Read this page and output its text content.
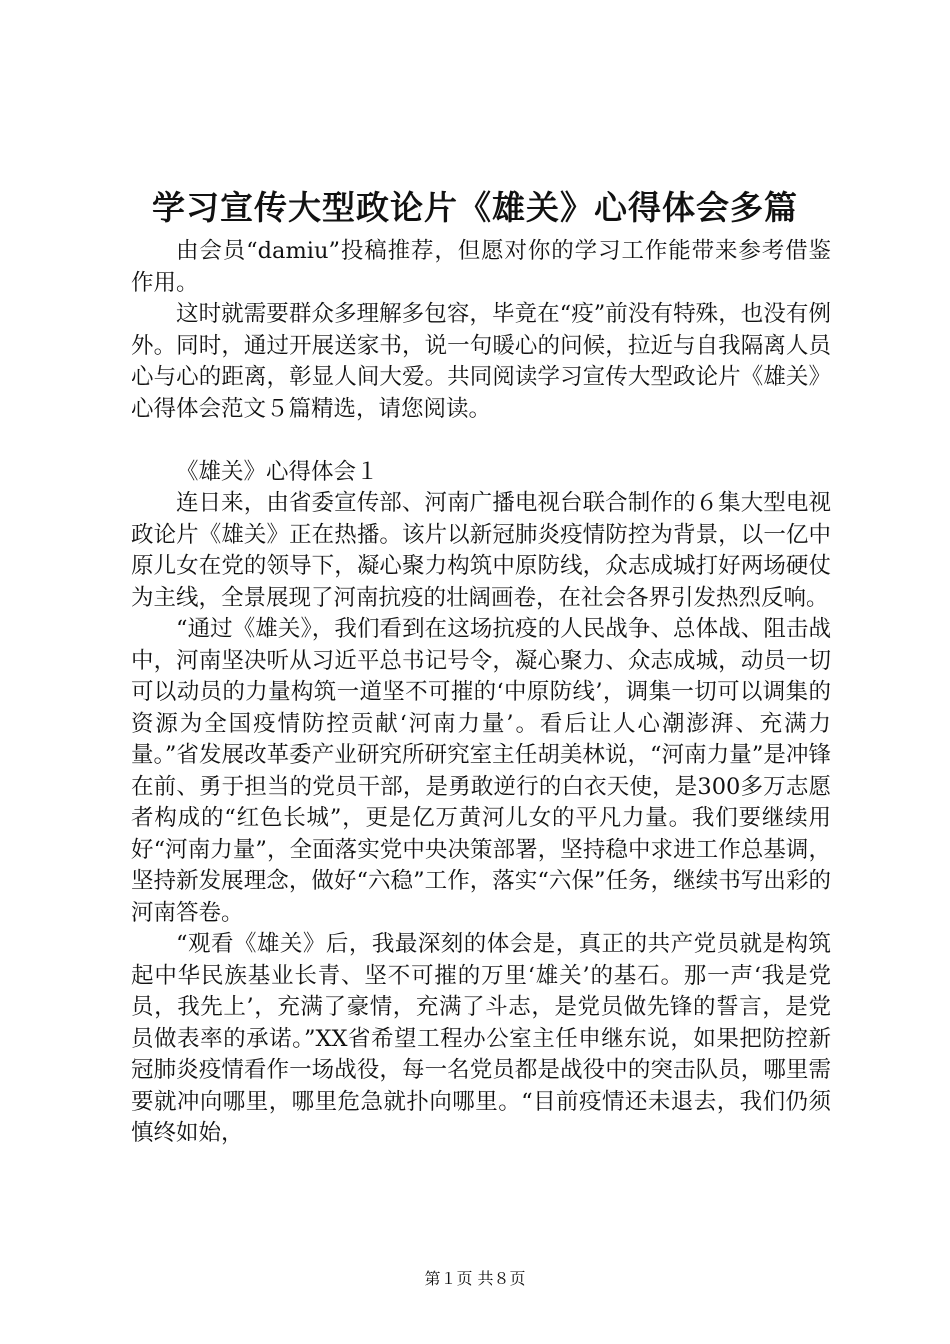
学习宣传大型政论片《雄关》心得体会多篇

由会员“damiu”投稿推荐，但愿对你的学习工作能带来参考借鉴作用。

这时就需要群众多理解多包容，毕竟在“疫”前没有特殊，也没有例外。同时，通过开展送家书，说一句暖心的问候，拉近与自我隔离人员心与心的距离，彰显人间大爱。共同阅读学习宣传大型政论片《雄关》心得体会范文５篇精选，请您阅读。

《雄关》心得体会１

连日来，由省委宣传部、河南广播电视台联合制作的６集大型电视政论片《雄关》正在热播。该片以新冠肺炎疫情防控为背景，以一亿中原儿女在党的领导下，凝心聚力构筑中原防线，众志成城打好两场硬仗为主线，全景展现了河南抗疫的壮阔画卷，在社会各界引发热烈反响。

“通过《雄关》，我们看到在这场抗疫的人民战争、总体战、阻击战中，河南坚决听从习近平总书记号令，凝心聚力、众志成城，动员一切可以动员的力量构筑一道坚不可摧的‘中原防线’，调集一切可以调集的资源为全国疫情防控贡献‘河南力量’。看后让人心潮澎湃、充满力量。”省发展改革委产业研究所研究室主任胡美林说，“河南力量”是冲锋在前、勇于担当的党员干部，是勇敢逆行的白衣天使，是300多万志愿者构成的“红色长城”，更是亿万黄河儿女的平凡力量。我们要继续用好“河南力量”，全面落实党中央决策部署，坚持稳中求进工作总基调，坚持新发展理念，做好“六稳”工作，落实“六保”任务，继续书写出彩的河南答卷。

“观看《雄关》后，我最深刻的体会是，真正的共产党员就是构筑起中华民族基业长青、坚不可摧的万里‘雄关’的基石。那一声‘我是党员，我先上’，充满了豪情，充满了斗志，是党员做先锋的誓言，是党员做表率的承诺。”XX省希望工程办公室主任申继东说，如果把防控新冠肺炎疫情看作一场战役，每一名党员都是战役中的突击队员，哪里需要就冲向哪里，哪里危急就扑向哪里。“目前疫情还未退去，我们仍须慎终如始，

第１页 共８页
